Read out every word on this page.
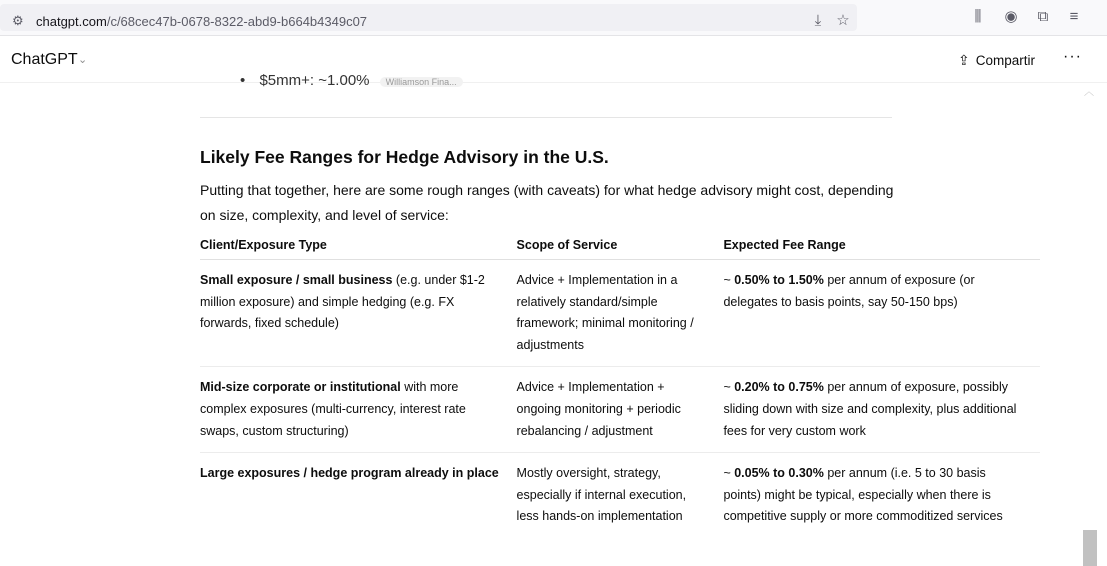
⚙ chatgpt.com/c/68cec47b-0678-8322-abd9-b664b4349c07	⤓ ☆	⫼	◉	⧉	≡
ChatGPT ⌄	⇪ Compartir ···
• $5mm+: ~1.00% Williamson Fina...
Likely Fee Ranges for Hedge Advisory in the U.S.
Putting that together, here are some rough ranges (with caveats) for what hedge advisory might cost, depending on size, complexity, and level of service:
Client/Exposure Type	Scope of Service	Expected Fee Range
Small exposure / small business (e.g. under $1-2 million exposure) and simple hedging (e.g. FX forwards, fixed schedule)	Advice + Implementation in a relatively standard/simple framework; minimal monitoring / adjustments	~ 0.50% to 1.50% per annum of exposure (or delegates to basis points, say 50-150 bps)
Mid-size corporate or institutional with more complex exposures (multi-currency, interest rate swaps, custom structuring)	Advice + Implementation + ongoing monitoring + periodic rebalancing / adjustment	~ 0.20% to 0.75% per annum of exposure, possibly sliding down with size and complexity, plus additional fees for very custom work
Large exposures / hedge program already in place	Mostly oversight, strategy, especially if internal execution, less hands-on implementation	~ 0.05% to 0.30% per annum (i.e. 5 to 30 basis points) might be typical, especially when there is competitive supply or more commoditized services
︿
